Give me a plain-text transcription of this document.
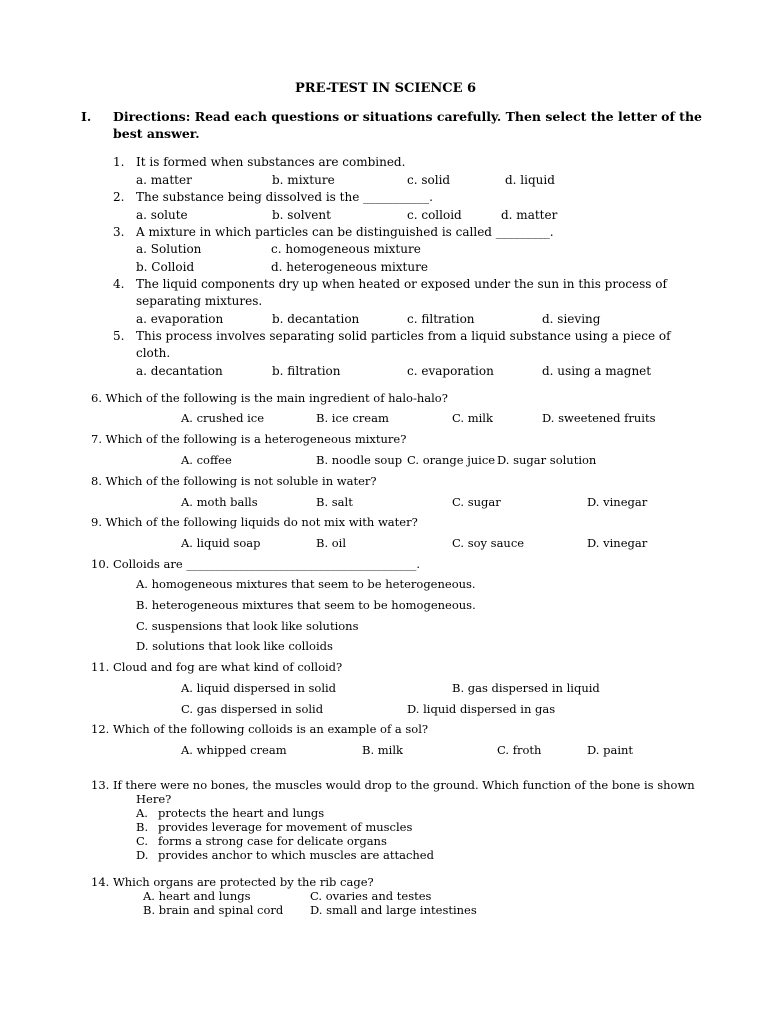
PRE-TEST IN SCIENCE 6
I. Directions: Read each questions or situations carefully. Then select the letter of the
best answer.
1. It is formed when substances are combined.
a. matter	b. mixture	c. solid	d. liquid
2. The substance being dissolved is the ___________.
a. solute	b. solvent	c. colloid	d. matter
3. A mixture in which particles can be distinguished is called _________.
a. Solution	c. homogeneous mixture
b. Colloid	d. heterogeneous mixture
4. The liquid components dry up when heated or exposed under the sun in this process of
separating mixtures.
a. evaporation	b. decantation	c. filtration	d. sieving
5. This process involves separating solid particles from a liquid substance using a piece of
cloth.
a. decantation	b. filtration	c. evaporation	d. using a magnet
6. Which of the following is the main ingredient of halo-halo?
A. crushed ice	B. ice cream	C. milk	D. sweetened fruits
7. Which of the following is a heterogeneous mixture?
A. coffee	B. noodle soup C. orange juice D. sugar solution
8. Which of the following is not soluble in water?
A. moth balls	B. salt	C. sugar	D. vinegar
9. Which of the following liquids do not mix with water?
A. liquid soap	B. oil	C. soy sauce	D. vinegar
10. Colloids are ________________________________________.
A. homogeneous mixtures that seem to be heterogeneous.
B. heterogeneous mixtures that seem to be homogeneous.
C. suspensions that look like solutions
D. solutions that look like colloids
11. Cloud and fog are what kind of colloid?
A. liquid dispersed in solid	B. gas dispersed in liquid
C. gas dispersed in solid	D. liquid dispersed in gas
12. Which of the following colloids is an example of a sol?
A. whipped cream	B. milk	C. froth	D. paint
13. If there were no bones, the muscles would drop to the ground. Which function of the bone is shown
Here?
A. protects the heart and lungs
B. provides leverage for movement of muscles
C. forms a strong case for delicate organs
D. provides anchor to which muscles are attached
14. Which organs are protected by the rib cage?
A. heart and lungs	C. ovaries and testes
B. brain and spinal cord D. small and large intestines
